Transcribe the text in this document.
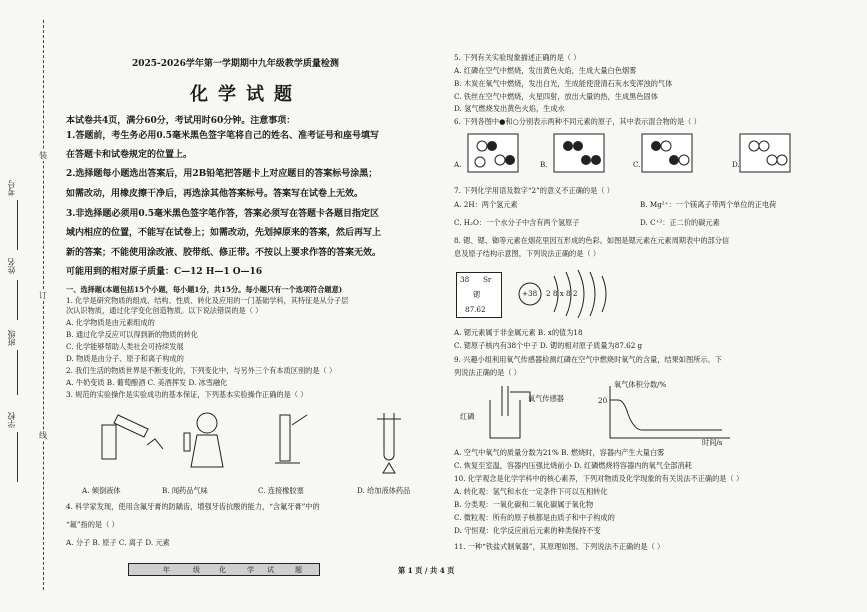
装
订
线
考号
姓名
班级
学校
2025-2026学年第一学期期中九年级教学质量检测
化学试题
本试卷共4页，满分60分，考试用时60分钟。注意事项：
1.答题前，考生务必用0.5毫米黑色签字笔将自己的姓名、准考证号和座号填写
在答题卡和试卷规定的位置上。
2.选择题每小题选出答案后，用2B铅笔把答题卡上对应题目的答案标号涂黑；
如需改动，用橡皮擦干净后，再选涂其他答案标号。答案写在试卷上无效。
3.非选择题必须用0.5毫米黑色签字笔作答，答案必须写在答题卡各题目指定区
域内相应的位置，不能写在试卷上；如需改动，先划掉原来的答案，然后再写上
新的答案；不能使用涂改液、胶带纸、修正带。不按以上要求作答的答案无效。
可能用到的相对原子质量：C—12 H—1 O—16
一、选择题(本题包括15个小题，每小题1分，共15分。每小题只有一个选项符合题意)
1. 化学是研究物质的组成、结构、性质、转化及应用的一门基础学科，其特征是从分子层
次认识物质，通过化学变化创造物质。以下说法错误的是（ ）
A. 化学物质是由元素组成的
B. 通过化学反应可以得到新的物质的转化
C. 化学能够帮助人类社会可持续发展
D. 物质是由分子、原子和离子构成的
2. 我们生活的物质世界是不断变化的，下列变化中，与另外三个有本质区别的是（ ）
A. 牛奶变质 B. 葡萄酿酒 C. 美酒挥发 D. 冰雪融化
3. 规范的实验操作是实验成功的基本保证，下列基本实验操作正确的是（ ）
A. 倾倒液体	B. 闻药品气味	C. 连接橡胶塞	D. 给加液体药品
4. 科学家发现，使用含氟牙膏的防龋齿，增强牙齿抗酸的能力，“含氟牙膏”中的
“氟”指的是（ ）
A. 分子 B. 原子 C. 离子 D. 元素
年	级	化	学 试	题	第 1 页 / 共 4 页
5. 下列有关实验现象描述正确的是（ ）
A. 红磷在空气中燃烧，发出黄色火焰，生成大量白色烟雾
B. 木炭在氧气中燃烧，发出白光，生成能使澄清石灰水变浑浊的气体
C. 铁丝在空气中燃烧，火星四射，放出大量的热，生成黑色固体
D. 氢气燃烧发出黄色火焰，生成水
6. 下列各图中●和○分别表示两种不同元素的原子，其中表示混合物的是（ ）
A.	B.	C.	D.
7. 下列化学用语及数字“2”的意义不正确的是（ ）
A. 2H：两个氢元素	B. Mg²⁺：一个镁离子带两个单位的正电荷
C. H₂O：一个水分子中含有两个氢原子	D. C⁺²：正二价的碳元素
8. 锶、锶、铷等元素在烟花里因互形成的色彩。如图是锶元素在元素周期表中的部分信
息及原子结构示意图，下列说法正确的是（ ）
38 Sr
锶
87.62
+38 2 8 x 8 2
A. 锶元素属于非金属元素 B. x的值为18
C. 锶原子核内有38个中子 D. 锶的相对原子质量为87.62 g
9. 兴趣小组利用氧气传感器检测红磷在空气中燃烧时氧气的含量，结果如图所示。下
列说法正确的是（ ）
红磷
氧气传感器
氧气体积分数/%
20
时间/s
A. 空气中氧气的质量分数为21% B. 燃烧时，容器内产生大量白雾
C. 恢复至室温，容器内压强比烧前小 D. 红磷燃烧将容器内的氧气全部消耗
10. 化学观念是化学学科中的核心素养，下列对物质及化学现象的有关说法不正确的是（ ）
A. 转化观：氢气和水在一定条件下可以互相转化
B. 分类观：一氧化碳和二氧化碳属于氧化物
C. 微粒观：所有的原子核都是由质子和中子构成的
D. 守恒观：化学反应前后元素的种类保持不变
11. 一种“铁盐式制氧器”，其原理如图。下列说法不正确的是（ ）
